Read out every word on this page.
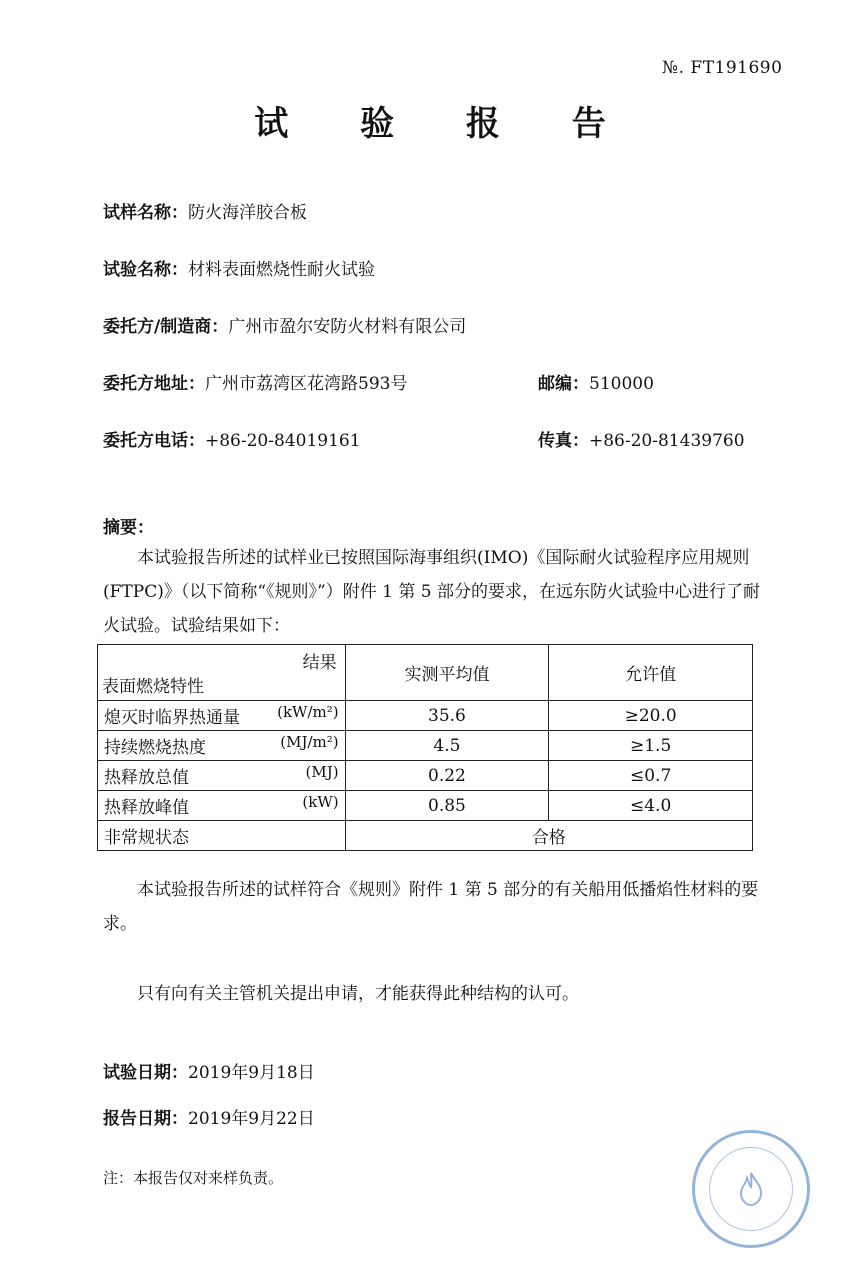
№. FT191690
试 验 报 告
试样名称：防火海洋胶合板
试验名称：材料表面燃烧性耐火试验
委托方/制造商：广州市盈尔安防火材料有限公司
委托方地址：广州市荔湾区花湾路593号	邮编：510000
委托方电话：+86-20-84019161	传真：+86-20-81439760
摘要：
本试验报告所述的试样业已按照国际海事组织(IMO)《国际耐火试验程序应用规则(FTPC)》（以下简称“《规则》”）附件 1 第 5 部分的要求，在远东防火试验中心进行了耐火试验。试验结果如下：
结果
表面燃烧特性	实测平均值	允许值
熄灭时临界热通量 (kW/m²)	35.6	≥20.0
持续燃烧热度 (MJ/m²)	4.5	≥1.5
热释放总值 (MJ)	0.22	≤0.7
热释放峰值 (kW)	0.85	≤4.0
非常规状态	合格	
本试验报告所述的试样符合《规则》附件 1 第 5 部分的有关船用低播焰性材料的要求。
只有向有关主管机关提出申请，才能获得此种结构的认可。
试验日期：2019年9月18日
报告日期：2019年9月22日
注：本报告仅对来样负责。
